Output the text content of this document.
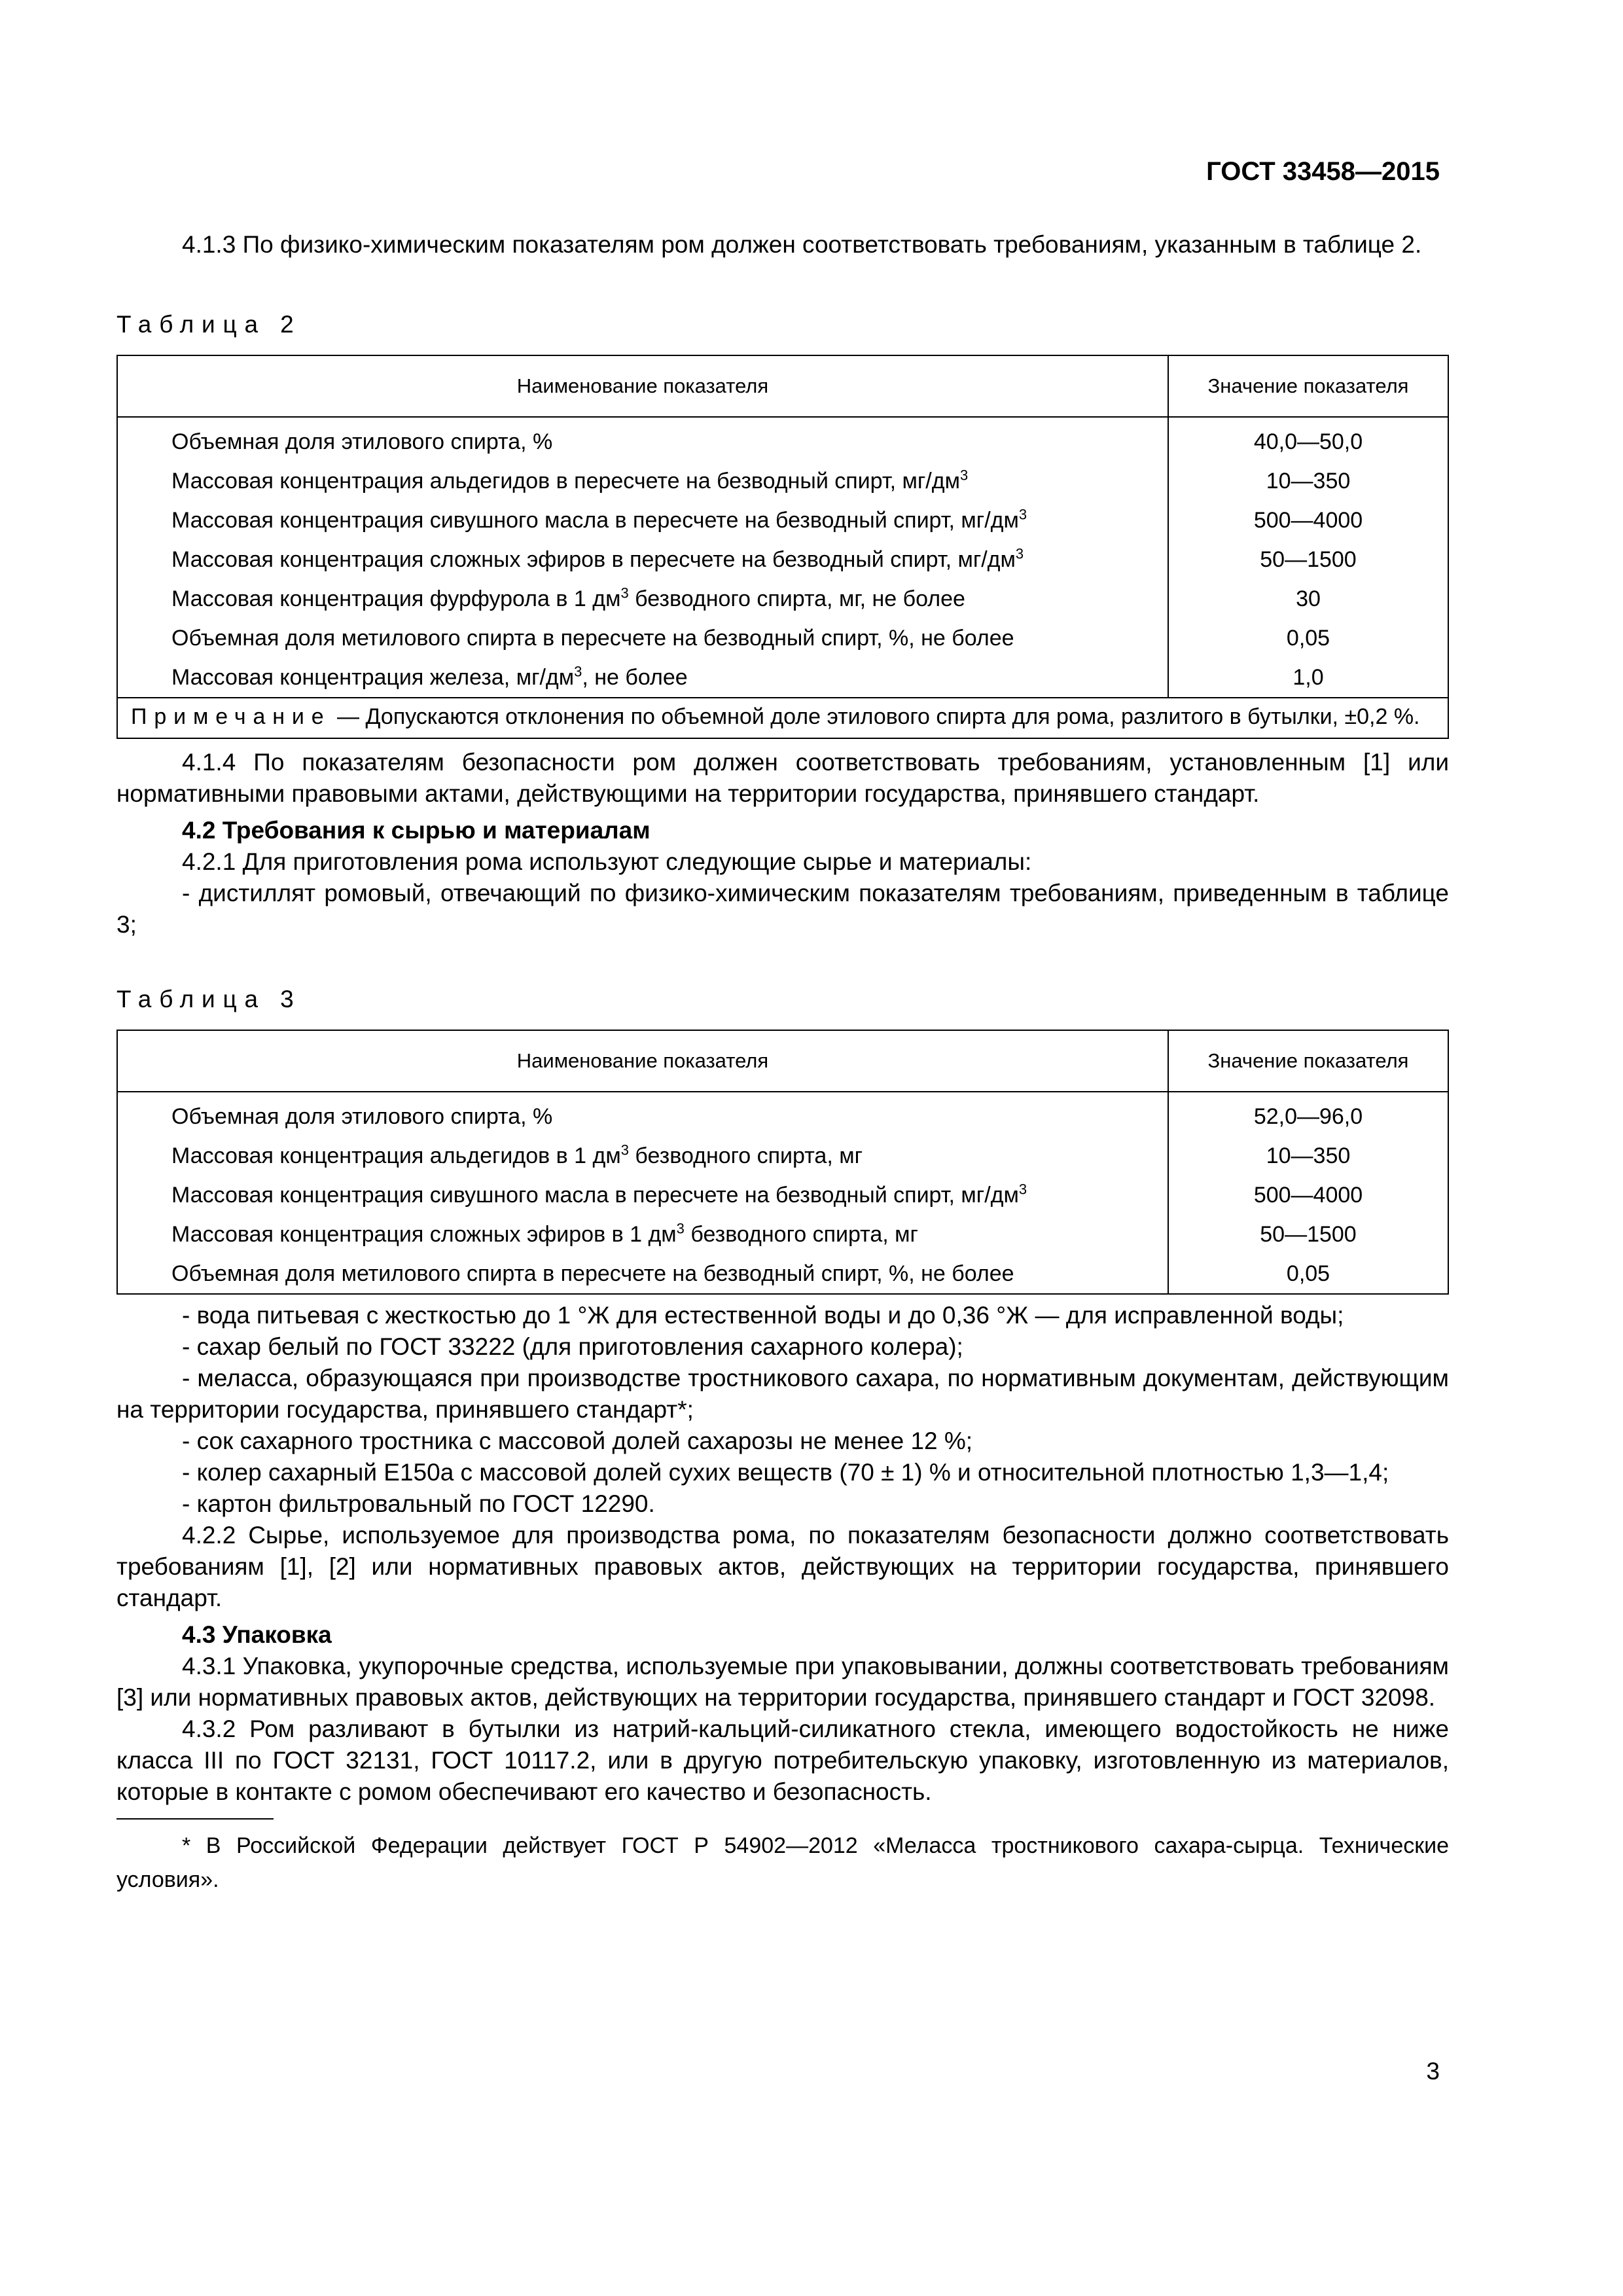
ГОСТ 33458—2015

4.1.3 По физико-химическим показателям ром должен соответствовать требованиям, указанным в таблице 2.

Таблица 2
Наименование показателя	Значение показателя
Объемная доля этилового спирта, %	40,0—50,0
Массовая концентрация альдегидов в пересчете на безводный спирт, $мг/дм^3$	10—350
Массовая концентрация сивушного масла в пересчете на безводный спирт, $мг/дм^3$	500—4000
Массовая концентрация сложных эфиров в пересчете на безводный спирт, $мг/дм^3$	50—1500
Массовая концентрация фурфурола в 1 $дм^3$ безводного спирта, мг, не более	30
Объемная доля метилового спирта в пересчете на безводный спирт, %, не более	0,05
Массовая концентрация железа, $мг/дм^3$, не более	1,0
Примечание — Допускаются отклонения по объемной доле этилового спирта для рома, разлитого в бутылки, ±0,2 %.	

4.1.4 По показателям безопасности ром должен соответствовать требованиям, установленным [1] или нормативными правовыми актами, действующими на территории государства, принявшего стандарт.

4.2 Требования к сырью и материалам

4.2.1 Для приготовления рома используют следующие сырье и материалы:

- дистиллят ромовый, отвечающий по физико-химическим показателям требованиям, приведенным в таблице 3;

Таблица 3
Наименование показателя	Значение показателя
Объемная доля этилового спирта, %	52,0—96,0
Массовая концентрация альдегидов в 1 $дм^3$ безводного спирта, мг	10—350
Массовая концентрация сивушного масла в пересчете на безводный спирт, $мг/дм^3$	500—4000
Массовая концентрация сложных эфиров в 1 $дм^3$ безводного спирта, мг	50—1500
Объемная доля метилового спирта в пересчете на безводный спирт, %, не более	0,05

- вода питьевая с жесткостью до 1 °Ж для естественной воды и до 0,36 °Ж — для исправленной воды;

- сахар белый по ГОСТ 33222 (для приготовления сахарного колера);

- меласса, образующаяся при производстве тростникового сахара, по нормативным документам, действующим на территории государства, принявшего стандарт*;

- сок сахарного тростника с массовой долей сахарозы не менее 12 %;

- колер сахарный Е150а с массовой долей сухих веществ (70 ± 1) % и относительной плотностью 1,3—1,4;

- картон фильтровальный по ГОСТ 12290.

4.2.2 Сырье, используемое для производства рома, по показателям безопасности должно соответствовать требованиям [1], [2] или нормативных правовых актов, действующих на территории государства, принявшего стандарт.

4.3 Упаковка

4.3.1 Упаковка, укупорочные средства, используемые при упаковывании, должны соответствовать требованиям [3] или нормативных правовых актов, действующих на территории государства, принявшего стандарт и ГОСТ 32098.

4.3.2 Ром разливают в бутылки из натрий-кальций-силикатного стекла, имеющего водостойкость не ниже класса III по ГОСТ 32131, ГОСТ 10117.2, или в другую потребительскую упаковку, изготовленную из материалов, которые в контакте с ромом обеспечивают его качество и безопасность.

* В Российской Федерации действует ГОСТ Р 54902—2012 «Меласса тростникового сахара-сырца. Технические условия».

3
